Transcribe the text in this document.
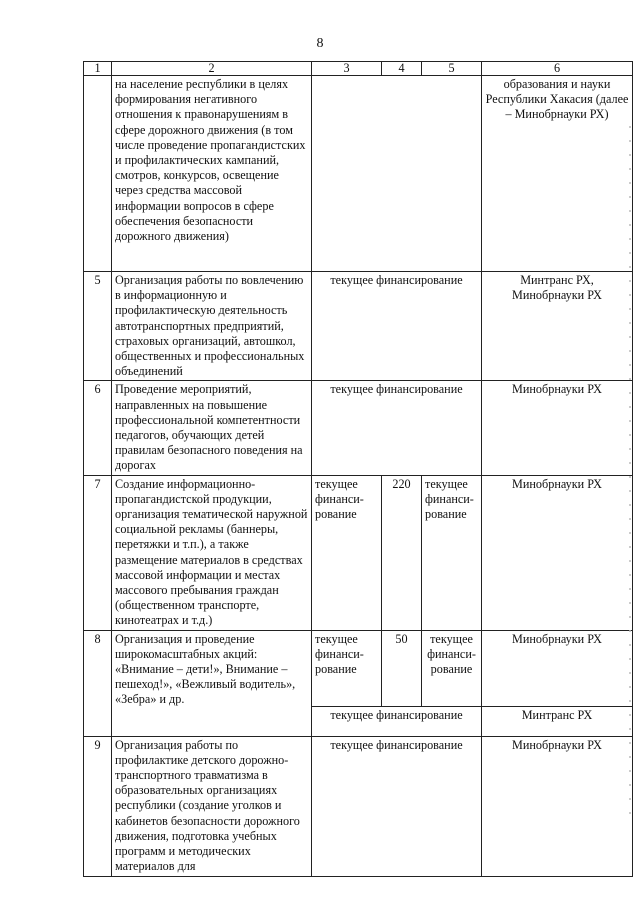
8
1	2	3	4	5	6
	на население республики в целях формирования негативного отношения к правонарушениям в сфере дорожного движения (в том числе проведение пропагандистских и профилактических кампаний, смотров, конкурсов, освещение через средства массовой информации вопросов в сфере обеспечения безопасности дорожного движения)				образования и науки Республики Хакасия (далее – Минобрнауки РХ)
5	Организация работы по вовлечению в информационную и профилактическую деятельность автотранспортных предприятий, страховых организаций, автошкол, общественных и профессиональных объединений	текущее финансирование			Минтранс РХ, Минобрнауки РХ
6	Проведение мероприятий, направленных на повышение профессиональной компетентности педагогов, обучающих детей правилам безопасного поведения на дорогах	текущее финансирование			Минобрнауки РХ
7	Создание информационно-пропагандистской продукции, организация тематической наружной социальной рекламы (баннеры, перетяжки и т.п.), а также размещение материалов в средствах массовой информации и местах массового пребывания граждан (общественном транспорте, кинотеатрах и т.д.)	текущее финанси-рование	220	текущее финанси-рование	Минобрнауки РХ
8	Организация и проведение широкомасштабных акций: «Внимание – дети!», Внимание – пешеход!», «Вежливый водитель», «Зебра» и др.	текущее финанси-рование	50	текущее финанси-рование	Минобрнауки РХ
		текущее финансирование			Минтранс РХ
9	Организация работы по профилактике детского дорожно-транспортного травматизма в образовательных организациях республики (создание уголков и кабинетов безопасности дорожного движения, подготовка учебных программ и методических материалов для	текущее финансирование			Минобрнауки РХ
